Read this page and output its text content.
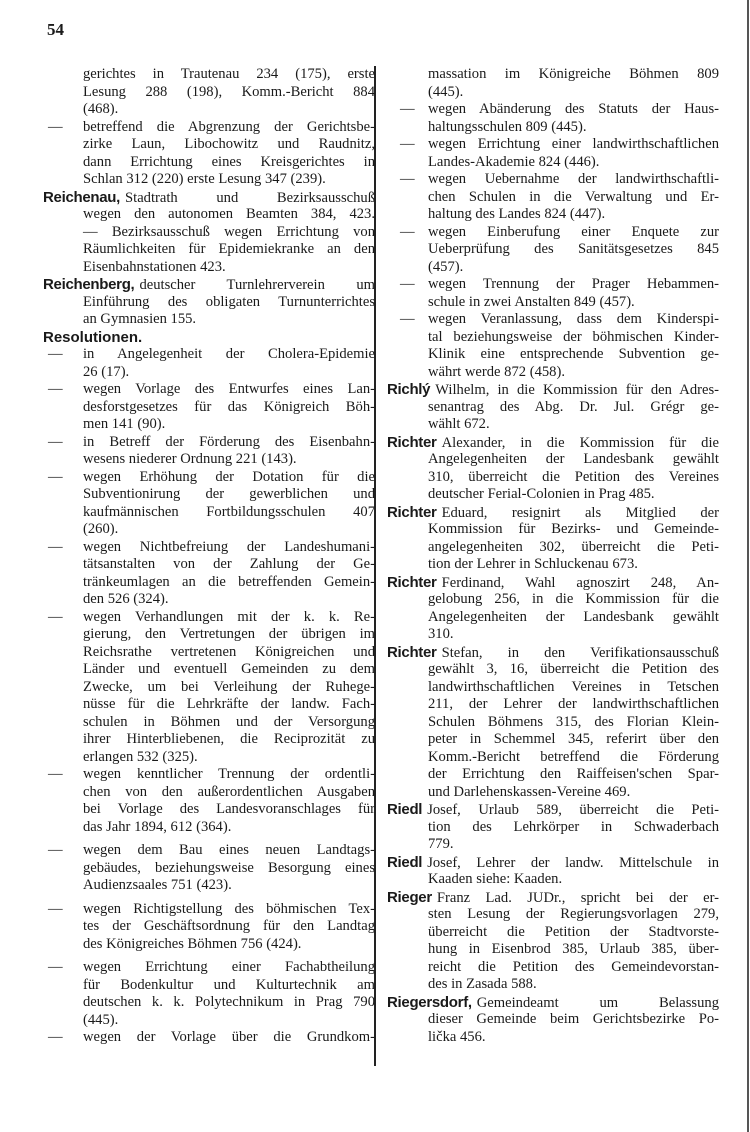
54
gerichtes in Trautenau 234 (175), erste
Lesung 288 (198), Komm.-Bericht 884
(468).
— betreffend die Abgrenzung der Gerichtsbe-
zirke Laun, Libochowitz und Raudnitz,
dann Errichtung eines Kreisgerichtes in
Schlan 312 (220) erste Lesung 347 (239).
Reichenau, Stadtrath und Bezirksausschuß
wegen den autonomen Beamten 384, 423.
— Bezirksausschuß wegen Errichtung von
Räumlichkeiten für Epidemiekranke an den
Eisenbahnstationen 423.
Reichenberg, deutscher Turnlehrerverein um
Einführung des obligaten Turnunterrichtes
an Gymnasien 155.
Resolutionen.
— in Angelegenheit der Cholera-Epidemie
26 (17).
— wegen Vorlage des Entwurfes eines Lan-
desforstgesetzes für das Königreich Böh-
men 141 (90).
— in Betreff der Förderung des Eisenbahn-
wesens niederer Ordnung 221 (143).
— wegen Erhöhung der Dotation für die
Subventionirung der gewerblichen und
kaufmännischen Fortbildungsschulen 407
(260).
— wegen Nichtbefreiung der Landeshumani-
tätsanstalten von der Zahlung der Ge-
tränkeumlagen an die betreffenden Gemein-
den 526 (324).
— wegen Verhandlungen mit der k. k. Re-
gierung, den Vertretungen der übrigen im
Reichsrathe vertretenen Königreichen und
Länder und eventuell Gemeinden zu dem
Zwecke, um bei Verleihung der Ruhege-
nüsse für die Lehrkräfte der landw. Fach-
schulen in Böhmen und der Versorgung
ihrer Hinterbliebenen, die Reciprozität zu
erlangen 532 (325).
— wegen kenntlicher Trennung der ordentli-
chen von den außerordentlichen Ausgaben
bei Vorlage des Landesvoranschlages für
das Jahr 1894, 612 (364).
— wegen dem Bau eines neuen Landtags-
gebäudes, beziehungsweise Besorgung eines
Audienzsaales 751 (423).
— wegen Richtigstellung des böhmischen Tex-
tes der Geschäftsordnung für den Landtag
des Königreiches Böhmen 756 (424).
— wegen Errichtung einer Fachabtheilung
für Bodenkultur und Kulturtechnik am
deutschen k. k. Polytechnikum in Prag 790
(445).
— wegen der Vorlage über die Grundkom-
massation im Königreiche Böhmen 809
(445).
— wegen Abänderung des Statuts der Haus-
haltungsschulen 809 (445).
— wegen Errichtung einer landwirthschaftlichen
Landes-Akademie 824 (446).
— wegen Uebernahme der landwirthschaftli-
chen Schulen in die Verwaltung und Er-
haltung des Landes 824 (447).
— wegen Einberufung einer Enquete zur
Ueberprüfung des Sanitätsgesetzes 845
(457).
— wegen Trennung der Prager Hebammen-
schule in zwei Anstalten 849 (457).
— wegen Veranlassung, dass dem Kinderspi-
tal beziehungsweise der böhmischen Kinder-
Klinik eine entsprechende Subvention ge-
währt werde 872 (458).
Richlý Wilhelm, in die Kommission für den Adres-
senantrag des Abg. Dr. Jul. Grégr ge-
wählt 672.
Richter Alexander, in die Kommission für die
Angelegenheiten der Landesbank gewählt
310, überreicht die Petition des Vereines
deutscher Ferial-Colonien in Prag 485.
Richter Eduard, resignirt als Mitglied der
Kommission für Bezirks- und Gemeinde-
angelegenheiten 302, überreicht die Peti-
tion der Lehrer in Schluckenau 673.
Richter Ferdinand, Wahl agnoszirt 248, An-
gelobung 256, in die Kommission für die
Angelegenheiten der Landesbank gewählt
310.
Richter Stefan, in den Verifikationsausschuß
gewählt 3, 16, überreicht die Petition des
landwirthschaftlichen Vereines in Tetschen
211, der Lehrer der landwirthschaftlichen
Schulen Böhmens 315, des Florian Klein-
peter in Schemmel 345, referirt über den
Komm.-Bericht betreffend die Förderung
der Errichtung den Raiffeisen'schen Spar-
und Darlehenskassen-Vereine 469.
Riedl Josef, Urlaub 589, überreicht die Peti-
tion des Lehrkörper in Schwaderbach
779.
Riedl Josef, Lehrer der landw. Mittelschule in
Kaaden siehe: Kaaden.
Rieger Franz Lad. JUDr., spricht bei der er-
sten Lesung der Regierungsvorlagen 279,
überreicht die Petition der Stadtvorste-
hung in Eisenbrod 385, Urlaub 385, über-
reicht die Petition des Gemeindevorstan-
des in Zasada 588.
Riegersdorf, Gemeindeamt um Belassung
dieser Gemeinde beim Gerichtsbezirke Po-
lička 456.
